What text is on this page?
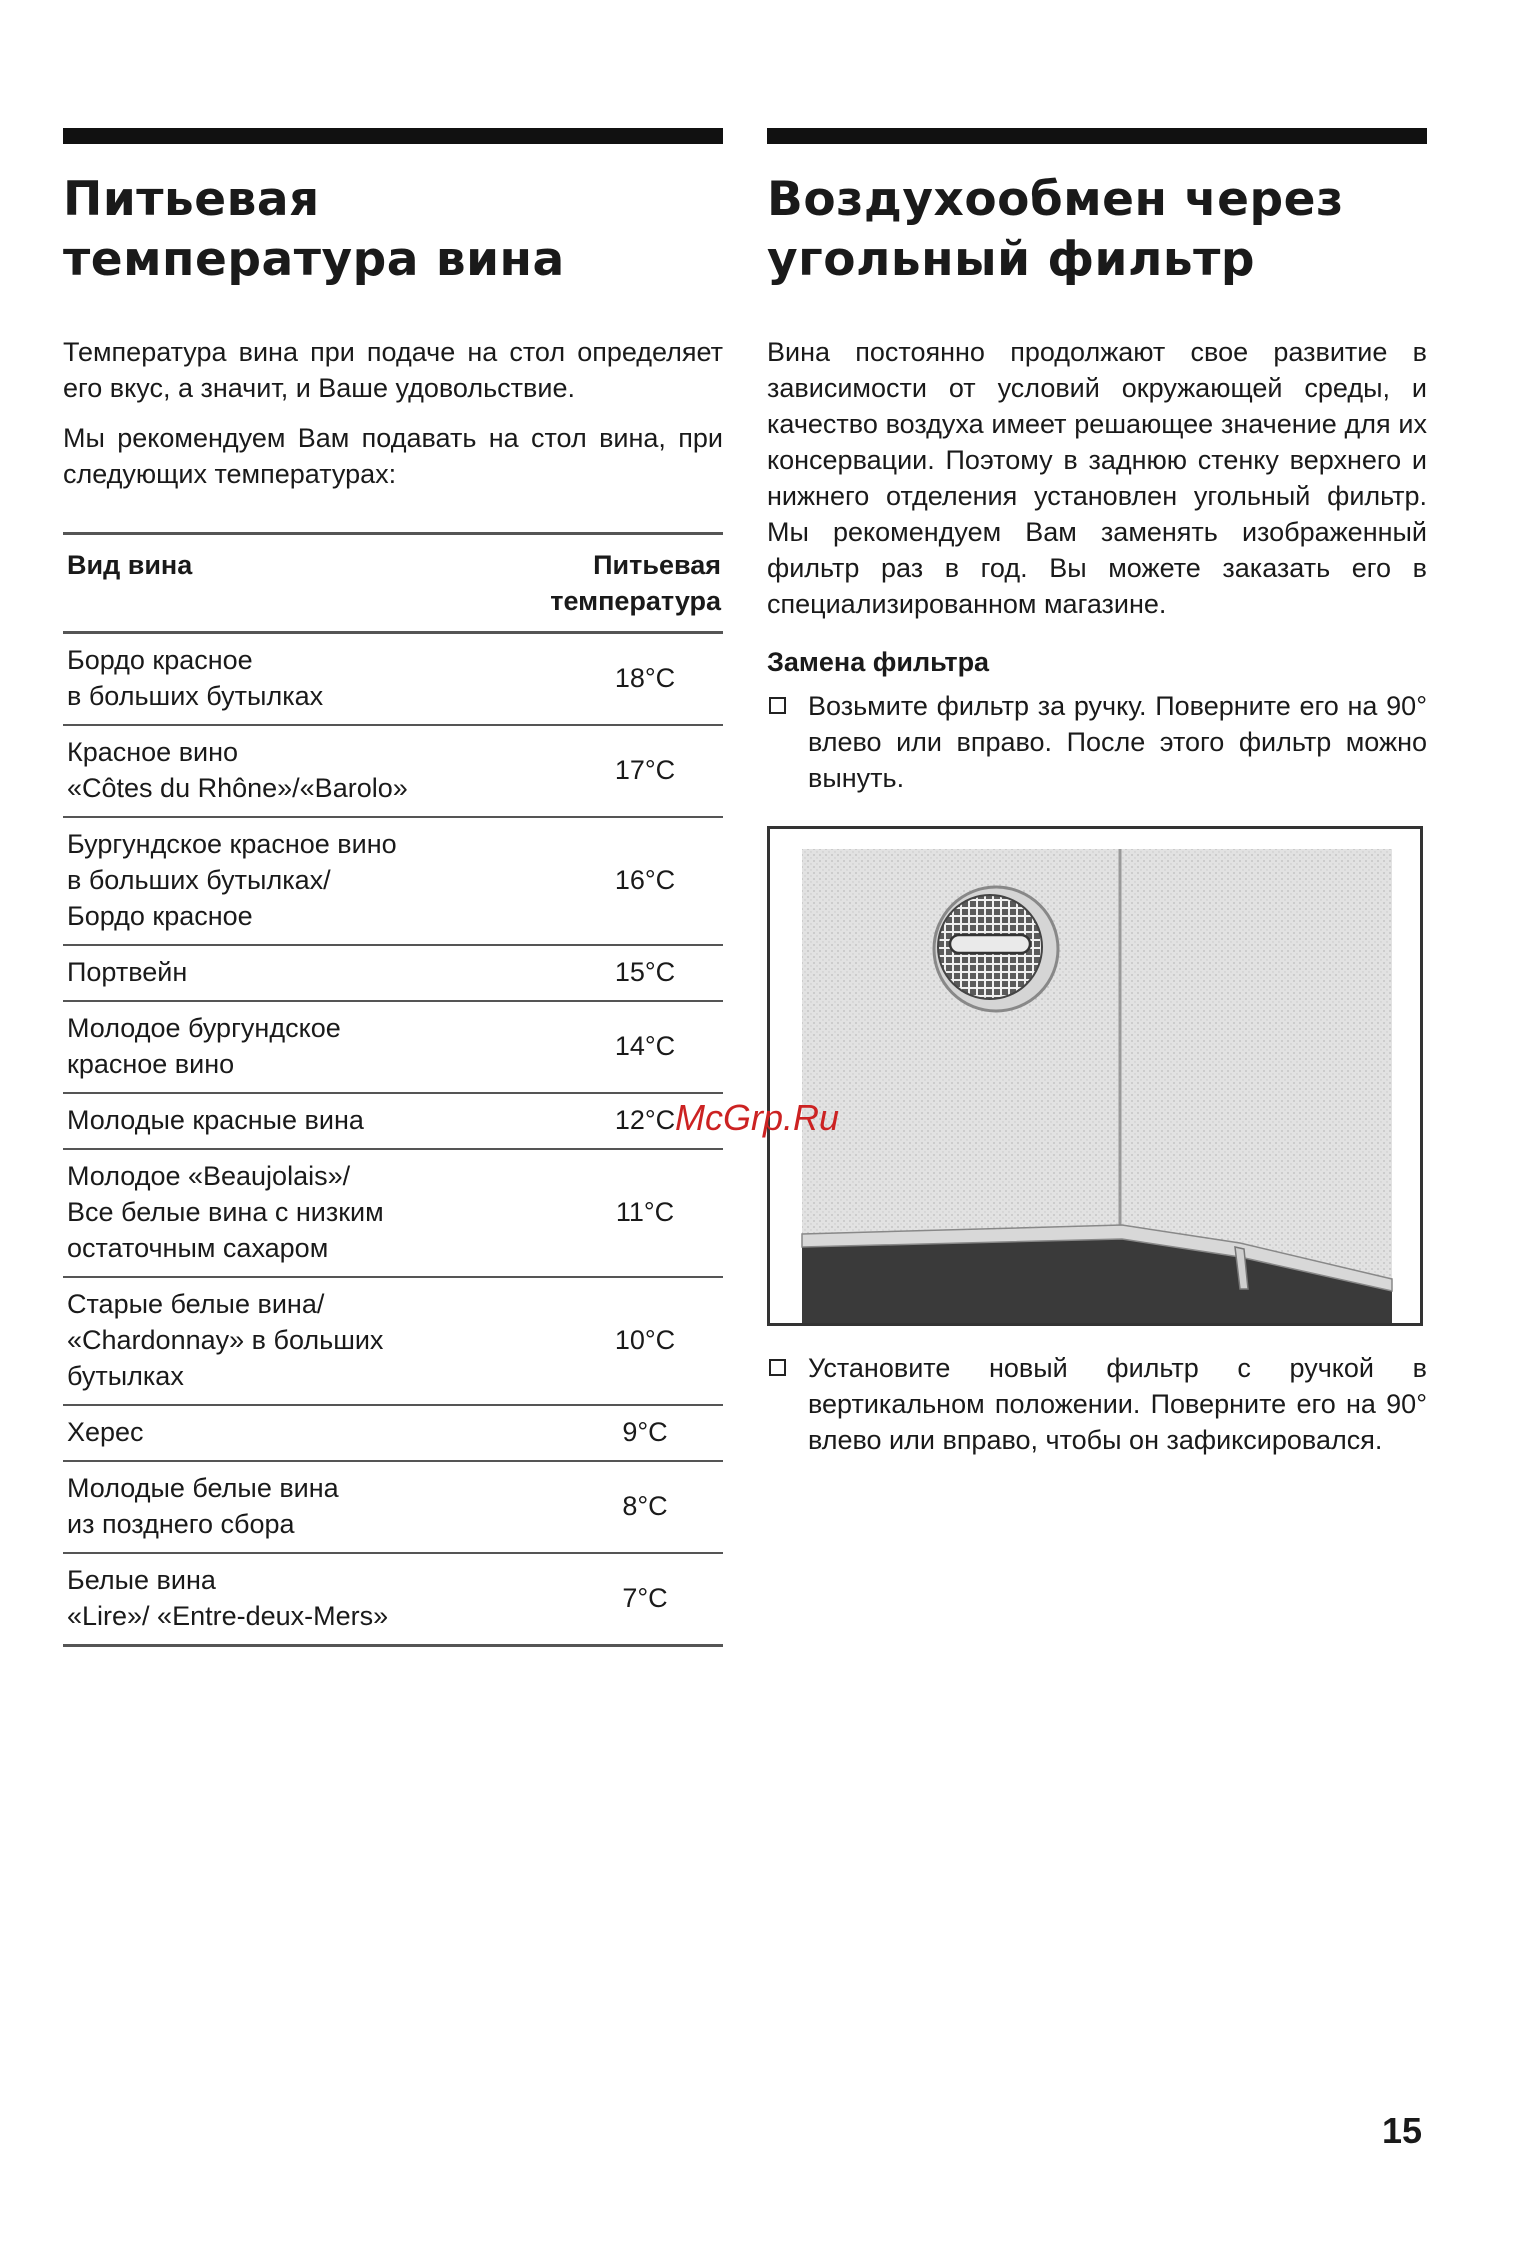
Питьевая
температура вина

Температура вина при подаче на стол определяет его вкус, а значит, и Ваше удовольствие.

Мы рекомендуем Вам подавать на стол вина, при следующих температурах:

Вид вина	Питьевая температура
Бордо красное
в больших бутылках	18°C
Красное вино
«Côtes du Rhône»/«Barolo»	17°C
Бургундское красное вино
в больших бутылках/
Бордо красное	16°C
Портвейн	15°C
Молодое бургундское
красное вино	14°C
Молодые красные вина	12°C
Молодое «Beaujolais»/
Все белые вина с низким
остаточным сахаром	11°C
Старые белые вина/
«Chardonnay» в больших
бутылках	10°C
Херес	9°C
Молодые белые вина
из позднего сбора	8°C
Белые вина
«Lire»/ «Entre-deux-Mers»	7°C
Воздухообмен через
угольный фильтр

Вина постоянно продолжают свое развитие в зависимости от условий окружающей среды, и качество воздуха имеет решающее значение для их консервации. Поэтому в заднюю стенку верхнего и нижнего отделения установлен угольный фильтр. Мы рекомендуем Вам заменять изображенный фильтр раз в год. Вы можете заказать его в специализированном магазине.

Замена фильтра

Возьмите фильтр за ручку. Поверните его на 90° влево или вправо. После этого фильтр можно вынуть.

Установите новый фильтр с ручкой в вертикальном положении. Поверните его на 90° влево или вправо, чтобы он зафиксировался.

McGrp.Ru
15
